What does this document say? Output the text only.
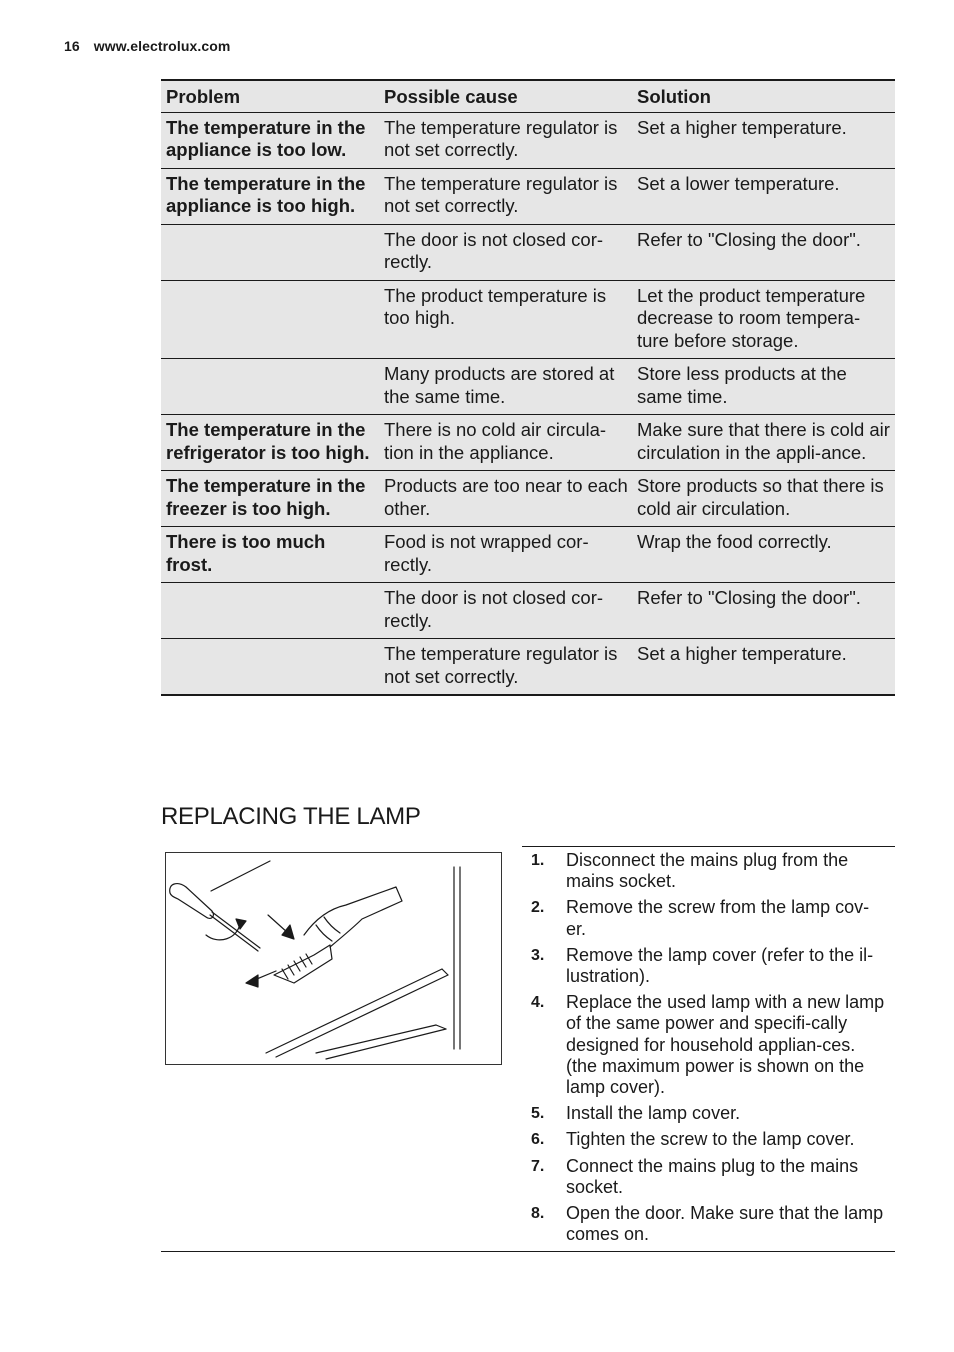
16 www.electrolux.com
Problem	Possible cause	Solution
The temperature in the appliance is too low.	The temperature regulator is not set correctly.	Set a higher temperature.
The temperature in the appliance is too high.	The temperature regulator is not set correctly.	Set a lower temperature.
	The door is not closed cor-rectly.	Refer to "Closing the door".
	The product temperature is too high.	Let the product temperature decrease to room tempera-ture before storage.
	Many products are stored at the same time.	Store less products at the same time.
The temperature in the refrigerator is too high.	There is no cold air circula-tion in the appliance.	Make sure that there is cold air circulation in the appli-ance.
The temperature in the freezer is too high.	Products are too near to each other.	Store products so that there is cold air circulation.
There is too much frost.	Food is not wrapped cor-rectly.	Wrap the food correctly.
	The door is not closed cor-rectly.	Refer to "Closing the door".
	The temperature regulator is not set correctly.	Set a higher temperature.
REPLACING THE LAMP
1.	Disconnect the mains plug from the mains socket.
2.	Remove the screw from the lamp cov-er.
3.	Remove the lamp cover (refer to the il-lustration).
4.	Replace the used lamp with a new lamp of the same power and specifi-cally designed for household applian-ces. (the maximum power is shown on the lamp cover).
5.	Install the lamp cover.
6.	Tighten the screw to the lamp cover.
7.	Connect the mains plug to the mains socket.
8.	Open the door. Make sure that the lamp comes on.
